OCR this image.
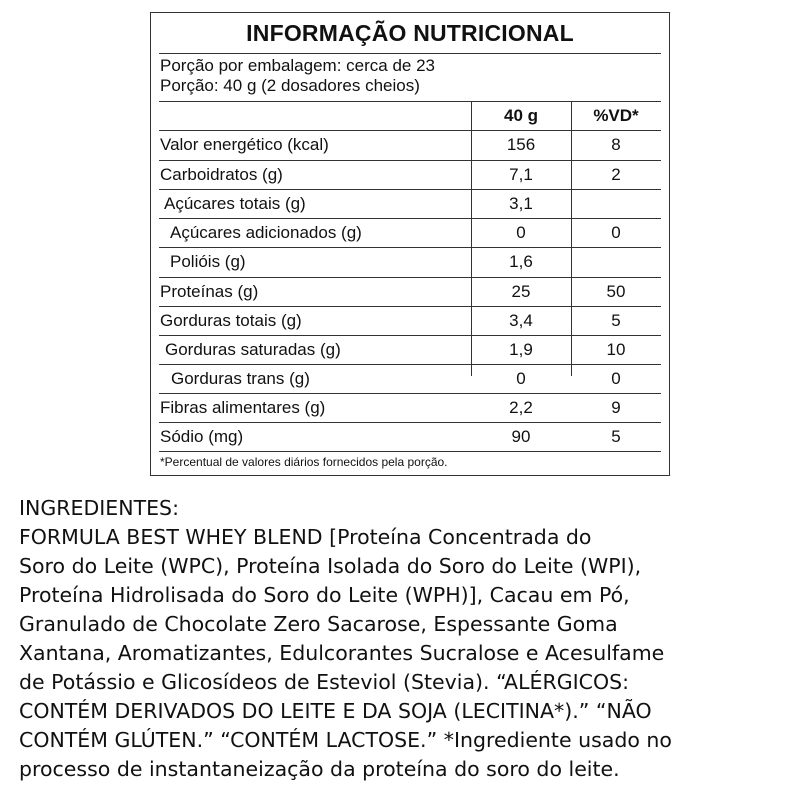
INFORMAÇÃO NUTRICIONAL
Porção por embalagem: cerca de 23
Porção: 40 g (2 dosadores cheios)
40 g	%VD*
Valor energético (kcal)	156	8
Carboidratos (g)	7,1	2
Açúcares totais (g)	3,1
Açúcares adicionados (g)	0	0
Polióis (g)	1,6
Proteínas (g)	25	50
Gorduras totais (g)	3,4	5
Gorduras saturadas (g)	1,9	10
Gorduras trans (g)	0	0
Fibras alimentares (g)	2,2	9
Sódio (mg)	90	5
*Percentual de valores diários fornecidos pela porção.
INGREDIENTES:
FORMULA BEST WHEY BLEND [Proteína Concentrada do
Soro do Leite (WPC), Proteína Isolada do Soro do Leite (WPI),
Proteína Hidrolisada do Soro do Leite (WPH)], Cacau em Pó,
Granulado de Chocolate Zero Sacarose, Espessante Goma
Xantana, Aromatizantes, Edulcorantes Sucralose e Acesulfame
de Potássio e Glicosídeos de Esteviol (Stevia). “ALÉRGICOS:
CONTÉM DERIVADOS DO LEITE E DA SOJA (LECITINA*).” “NÃO
CONTÉM GLÚTEN.” “CONTÉM LACTOSE.” *Ingrediente usado no
processo de instantaneização da proteína do soro do leite.
